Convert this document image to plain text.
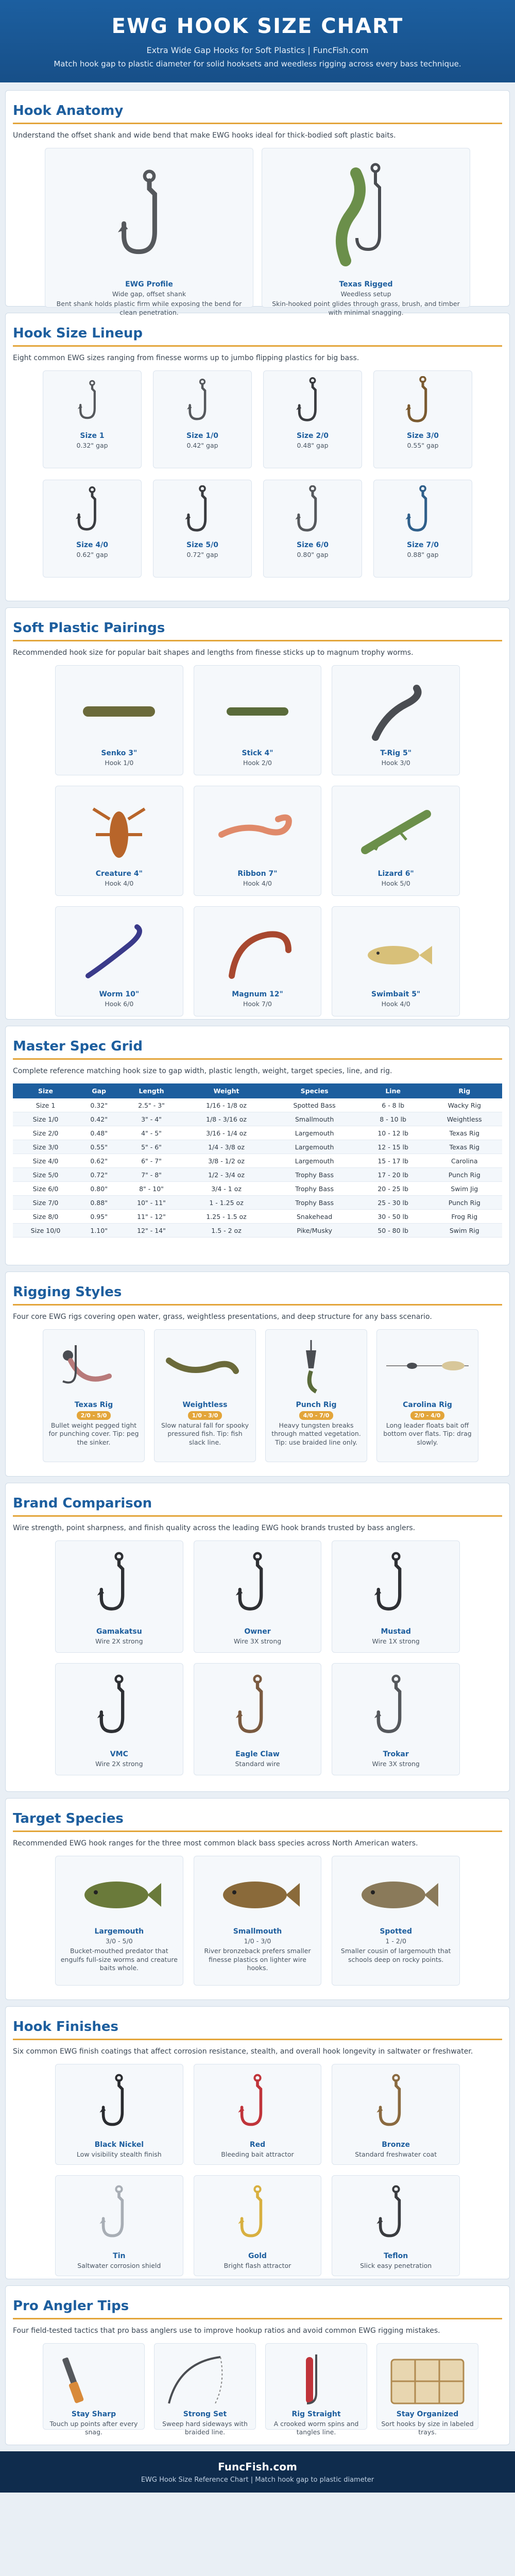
EWG HOOK SIZE CHART
Extra Wide Gap Hooks for Soft Plastics | FuncFish.com
Match hook gap to plastic diameter for solid hooksets and weedless rigging across every bass technique.
Hook Anatomy
Understand the offset shank and wide bend that make EWG hooks ideal for thick-bodied soft plastic baits.
EWG Profile
Wide gap, offset shank
Bent shank holds plastic firm while exposing the bend for clean penetration.
Texas Rigged
Weedless setup
Skin-hooked point glides through grass, brush, and timber with minimal snagging.
Hook Size Lineup
Eight common EWG sizes ranging from finesse worms up to jumbo flipping plastics for big bass.
Size 1
0.32" gap
Size 1/0
0.42" gap
Size 2/0
0.48" gap
Size 3/0
0.55" gap
Size 4/0
0.62" gap
Size 5/0
0.72" gap
Size 6/0
0.80" gap
Size 7/0
0.88" gap
Soft Plastic Pairings
Recommended hook size for popular bait shapes and lengths from finesse sticks up to magnum trophy worms.
Senko 3"
Hook 1/0
Stick 4"
Hook 2/0
T-Rig 5"
Hook 3/0
Creature 4"
Hook 4/0
Ribbon 7"
Hook 4/0
Lizard 6"
Hook 5/0
Worm 10"
Hook 6/0
Magnum 12"
Hook 7/0
Swimbait 5"
Hook 4/0
Master Spec Grid
Complete reference matching hook size to gap width, plastic length, weight, target species, line, and rig.
Size	Gap	Length	Weight	Species	Line	Rig
Size 1	0.32"	2.5" - 3"	1/16 - 1/8 oz	Spotted Bass	6 - 8 lb	Wacky Rig
Size 1/0	0.42"	3" - 4"	1/8 - 3/16 oz	Smallmouth	8 - 10 lb	Weightless
Size 2/0	0.48"	4" - 5"	3/16 - 1/4 oz	Largemouth	10 - 12 lb	Texas Rig
Size 3/0	0.55"	5" - 6"	1/4 - 3/8 oz	Largemouth	12 - 15 lb	Texas Rig
Size 4/0	0.62"	6" - 7"	3/8 - 1/2 oz	Largemouth	15 - 17 lb	Carolina
Size 5/0	0.72"	7" - 8"	1/2 - 3/4 oz	Trophy Bass	17 - 20 lb	Punch Rig
Size 6/0	0.80"	8" - 10"	3/4 - 1 oz	Trophy Bass	20 - 25 lb	Swim Jig
Size 7/0	0.88"	10" - 11"	1 - 1.25 oz	Trophy Bass	25 - 30 lb	Punch Rig
Size 8/0	0.95"	11" - 12"	1.25 - 1.5 oz	Snakehead	30 - 50 lb	Frog Rig
Size 10/0	1.10"	12" - 14"	1.5 - 2 oz	Pike/Musky	50 - 80 lb	Swim Rig
Rigging Styles
Four core EWG rigs covering open water, grass, weightless presentations, and deep structure for any bass scenario.
Texas Rig
2/0 - 5/0
Bullet weight pegged tight for punching cover. Tip: peg the sinker.
Weightless
1/0 - 3/0
Slow natural fall for spooky pressured fish. Tip: fish slack line.
Punch Rig
4/0 - 7/0
Heavy tungsten breaks through matted vegetation. Tip: use braided line only.
Carolina Rig
2/0 - 4/0
Long leader floats bait off bottom over flats. Tip: drag slowly.
Brand Comparison
Wire strength, point sharpness, and finish quality across the leading EWG hook brands trusted by bass anglers.
Gamakatsu
Wire 2X strong
Owner
Wire 3X strong
Mustad
Wire 1X strong
VMC
Wire 2X strong
Eagle Claw
Standard wire
Trokar
Wire 3X strong
Target Species
Recommended EWG hook ranges for the three most common black bass species across North American waters.
Largemouth
3/0 - 5/0
Bucket-mouthed predator that engulfs full-size worms and creature baits whole.
Smallmouth
1/0 - 3/0
River bronzeback prefers smaller finesse plastics on lighter wire hooks.
Spotted
1 - 2/0
Smaller cousin of largemouth that schools deep on rocky points.
Hook Finishes
Six common EWG finish coatings that affect corrosion resistance, stealth, and overall hook longevity in saltwater or freshwater.
Black Nickel
Low visibility stealth finish
Red
Bleeding bait attractor
Bronze
Standard freshwater coat
Tin
Saltwater corrosion shield
Gold
Bright flash attractor
Teflon
Slick easy penetration
Pro Angler Tips
Four field-tested tactics that pro bass anglers use to improve hookup ratios and avoid common EWG rigging mistakes.
Stay Sharp
Touch up points after every snag.
Strong Set
Sweep hard sideways with braided line.
Rig Straight
A crooked worm spins and tangles line.
Stay Organized
Sort hooks by size in labeled trays.
FuncFish.com
EWG Hook Size Reference Chart | Match hook gap to plastic diameter
